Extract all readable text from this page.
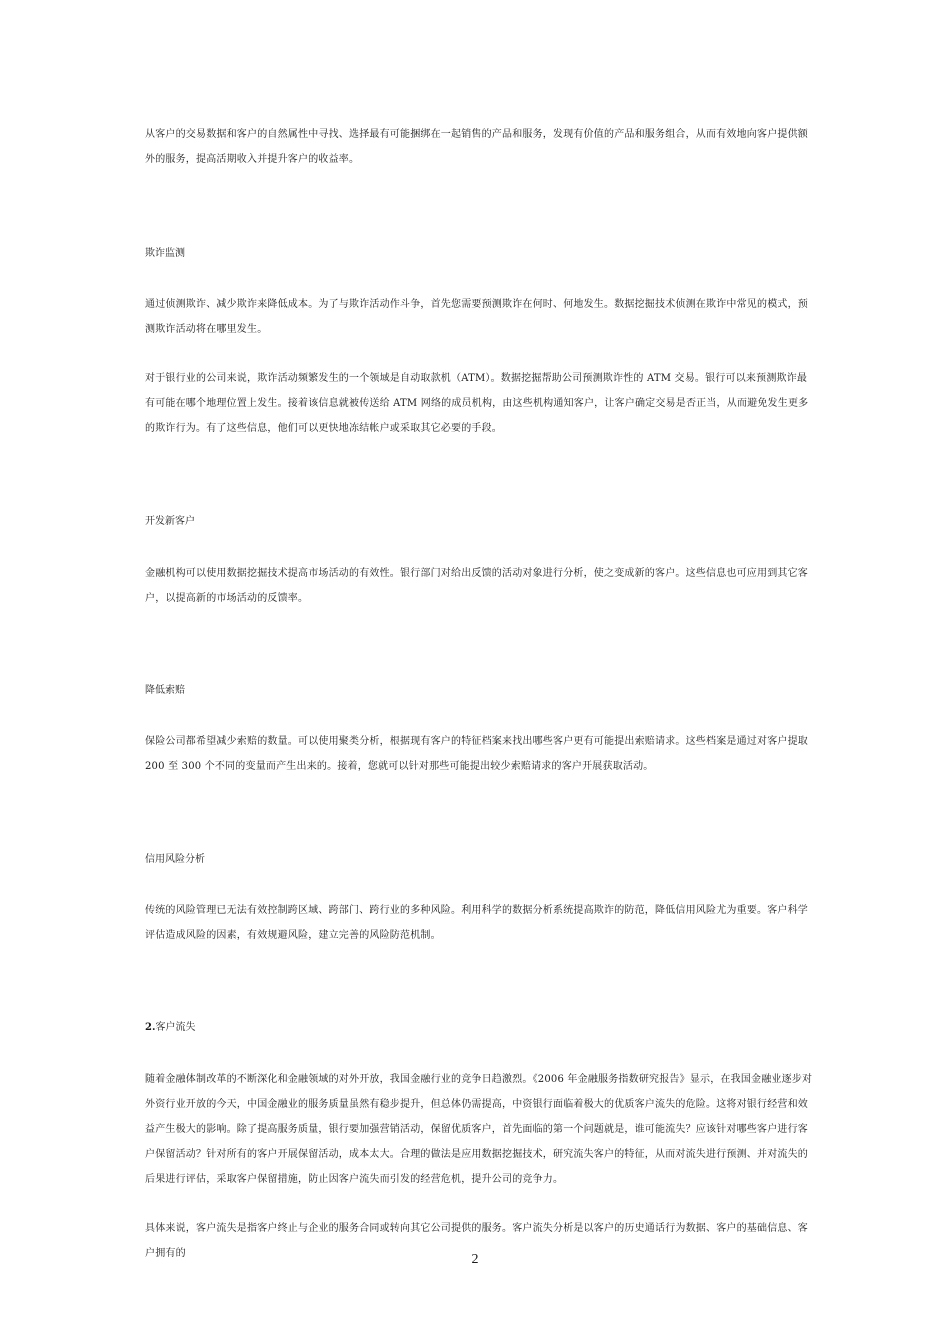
从客户的交易数据和客户的自然属性中寻找、选择最有可能捆绑在一起销售的产品和服务，发现有价值的产品和服务组合，从而有效地向客户提供额外的服务，提高活期收入并提升客户的收益率。

欺诈监测

通过侦测欺诈、减少欺诈来降低成本。为了与欺诈活动作斗争，首先您需要预测欺诈在何时、何地发生。数据挖掘技术侦测在欺诈中常见的模式，预测欺诈活动将在哪里发生。

对于银行业的公司来说，欺诈活动频繁发生的一个领域是自动取款机（ATM）。数据挖掘帮助公司预测欺诈性的 ATM 交易。银行可以来预测欺诈最有可能在哪个地理位置上发生。接着该信息就被传送给 ATM 网络的成员机构，由这些机构通知客户，让客户确定交易是否正当，从而避免发生更多的欺诈行为。有了这些信息，他们可以更快地冻结帐户或采取其它必要的手段。

开发新客户

金融机构可以使用数据挖掘技术提高市场活动的有效性。银行部门对给出反馈的活动对象进行分析，使之变成新的客户。这些信息也可应用到其它客户，以提高新的市场活动的反馈率。

降低索赔

保险公司都希望减少索赔的数量。可以使用聚类分析，根据现有客户的特征档案来找出哪些客户更有可能提出索赔请求。这些档案是通过对客户提取 200 至 300 个不同的变量而产生出来的。接着，您就可以针对那些可能提出较少索赔请求的客户开展获取活动。

信用风险分析

传统的风险管理已无法有效控制跨区域、跨部门、跨行业的多种风险。利用科学的数据分析系统提高欺诈的防范，降低信用风险尤为重要。客户科学评估造成风险的因素，有效规避风险，建立完善的风险防范机制。

2.客户流失

随着金融体制改革的不断深化和金融领域的对外开放，我国金融行业的竞争日趋激烈。《2006 年金融服务指数研究报告》显示，在我国金融业逐步对外资行业开放的今天，中国金融业的服务质量虽然有稳步提升，但总体仍需提高，中资银行面临着极大的优质客户流失的危险。这将对银行经营和效益产生极大的影响。除了提高服务质量，银行要加强营销活动，保留优质客户，首先面临的第一个问题就是，谁可能流失？应该针对哪些客户进行客户保留活动？针对所有的客户开展保留活动，成本太大。合理的做法是应用数据挖掘技术，研究流失客户的特征，从而对流失进行预测、并对流失的后果进行评估，采取客户保留措施，防止因客户流失而引发的经营危机，提升公司的竞争力。

具体来说，客户流失是指客户终止与企业的服务合同或转向其它公司提供的服务。客户流失分析是以客户的历史通话行为数据、客户的基础信息、客户拥有的	2
